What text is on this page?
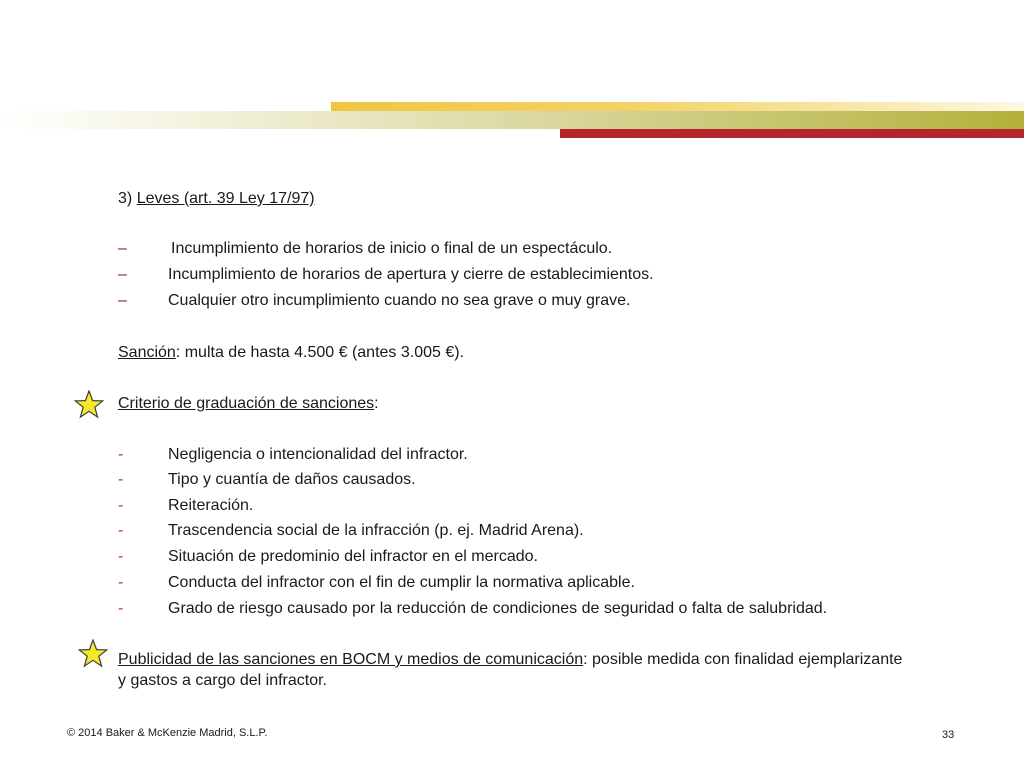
3) Leves (art. 39 Ley 17/97)
–	Incumplimiento de horarios de inicio o final de un espectáculo.
–	Incumplimiento de horarios de apertura y cierre de establecimientos.
–	Cualquier otro incumplimiento cuando no sea grave o muy grave.
Sanción: multa de hasta 4.500 € (antes 3.005 €).
Criterio de graduación de sanciones:
-	Negligencia o intencionalidad del infractor.
-	Tipo y cuantía de daños causados.
-	Reiteración.
-	Trascendencia social de la infracción (p. ej. Madrid Arena).
-	Situación de predominio del infractor en el mercado.
-	Conducta del infractor con el fin de cumplir la normativa aplicable.
-	Grado de riesgo causado por la reducción de condiciones de seguridad o falta de salubridad.
Publicidad de las sanciones en BOCM y medios de comunicación: posible medida con finalidad ejemplarizante
y gastos a cargo del infractor.
© 2014 Baker & McKenzie Madrid, S.L.P.	33
